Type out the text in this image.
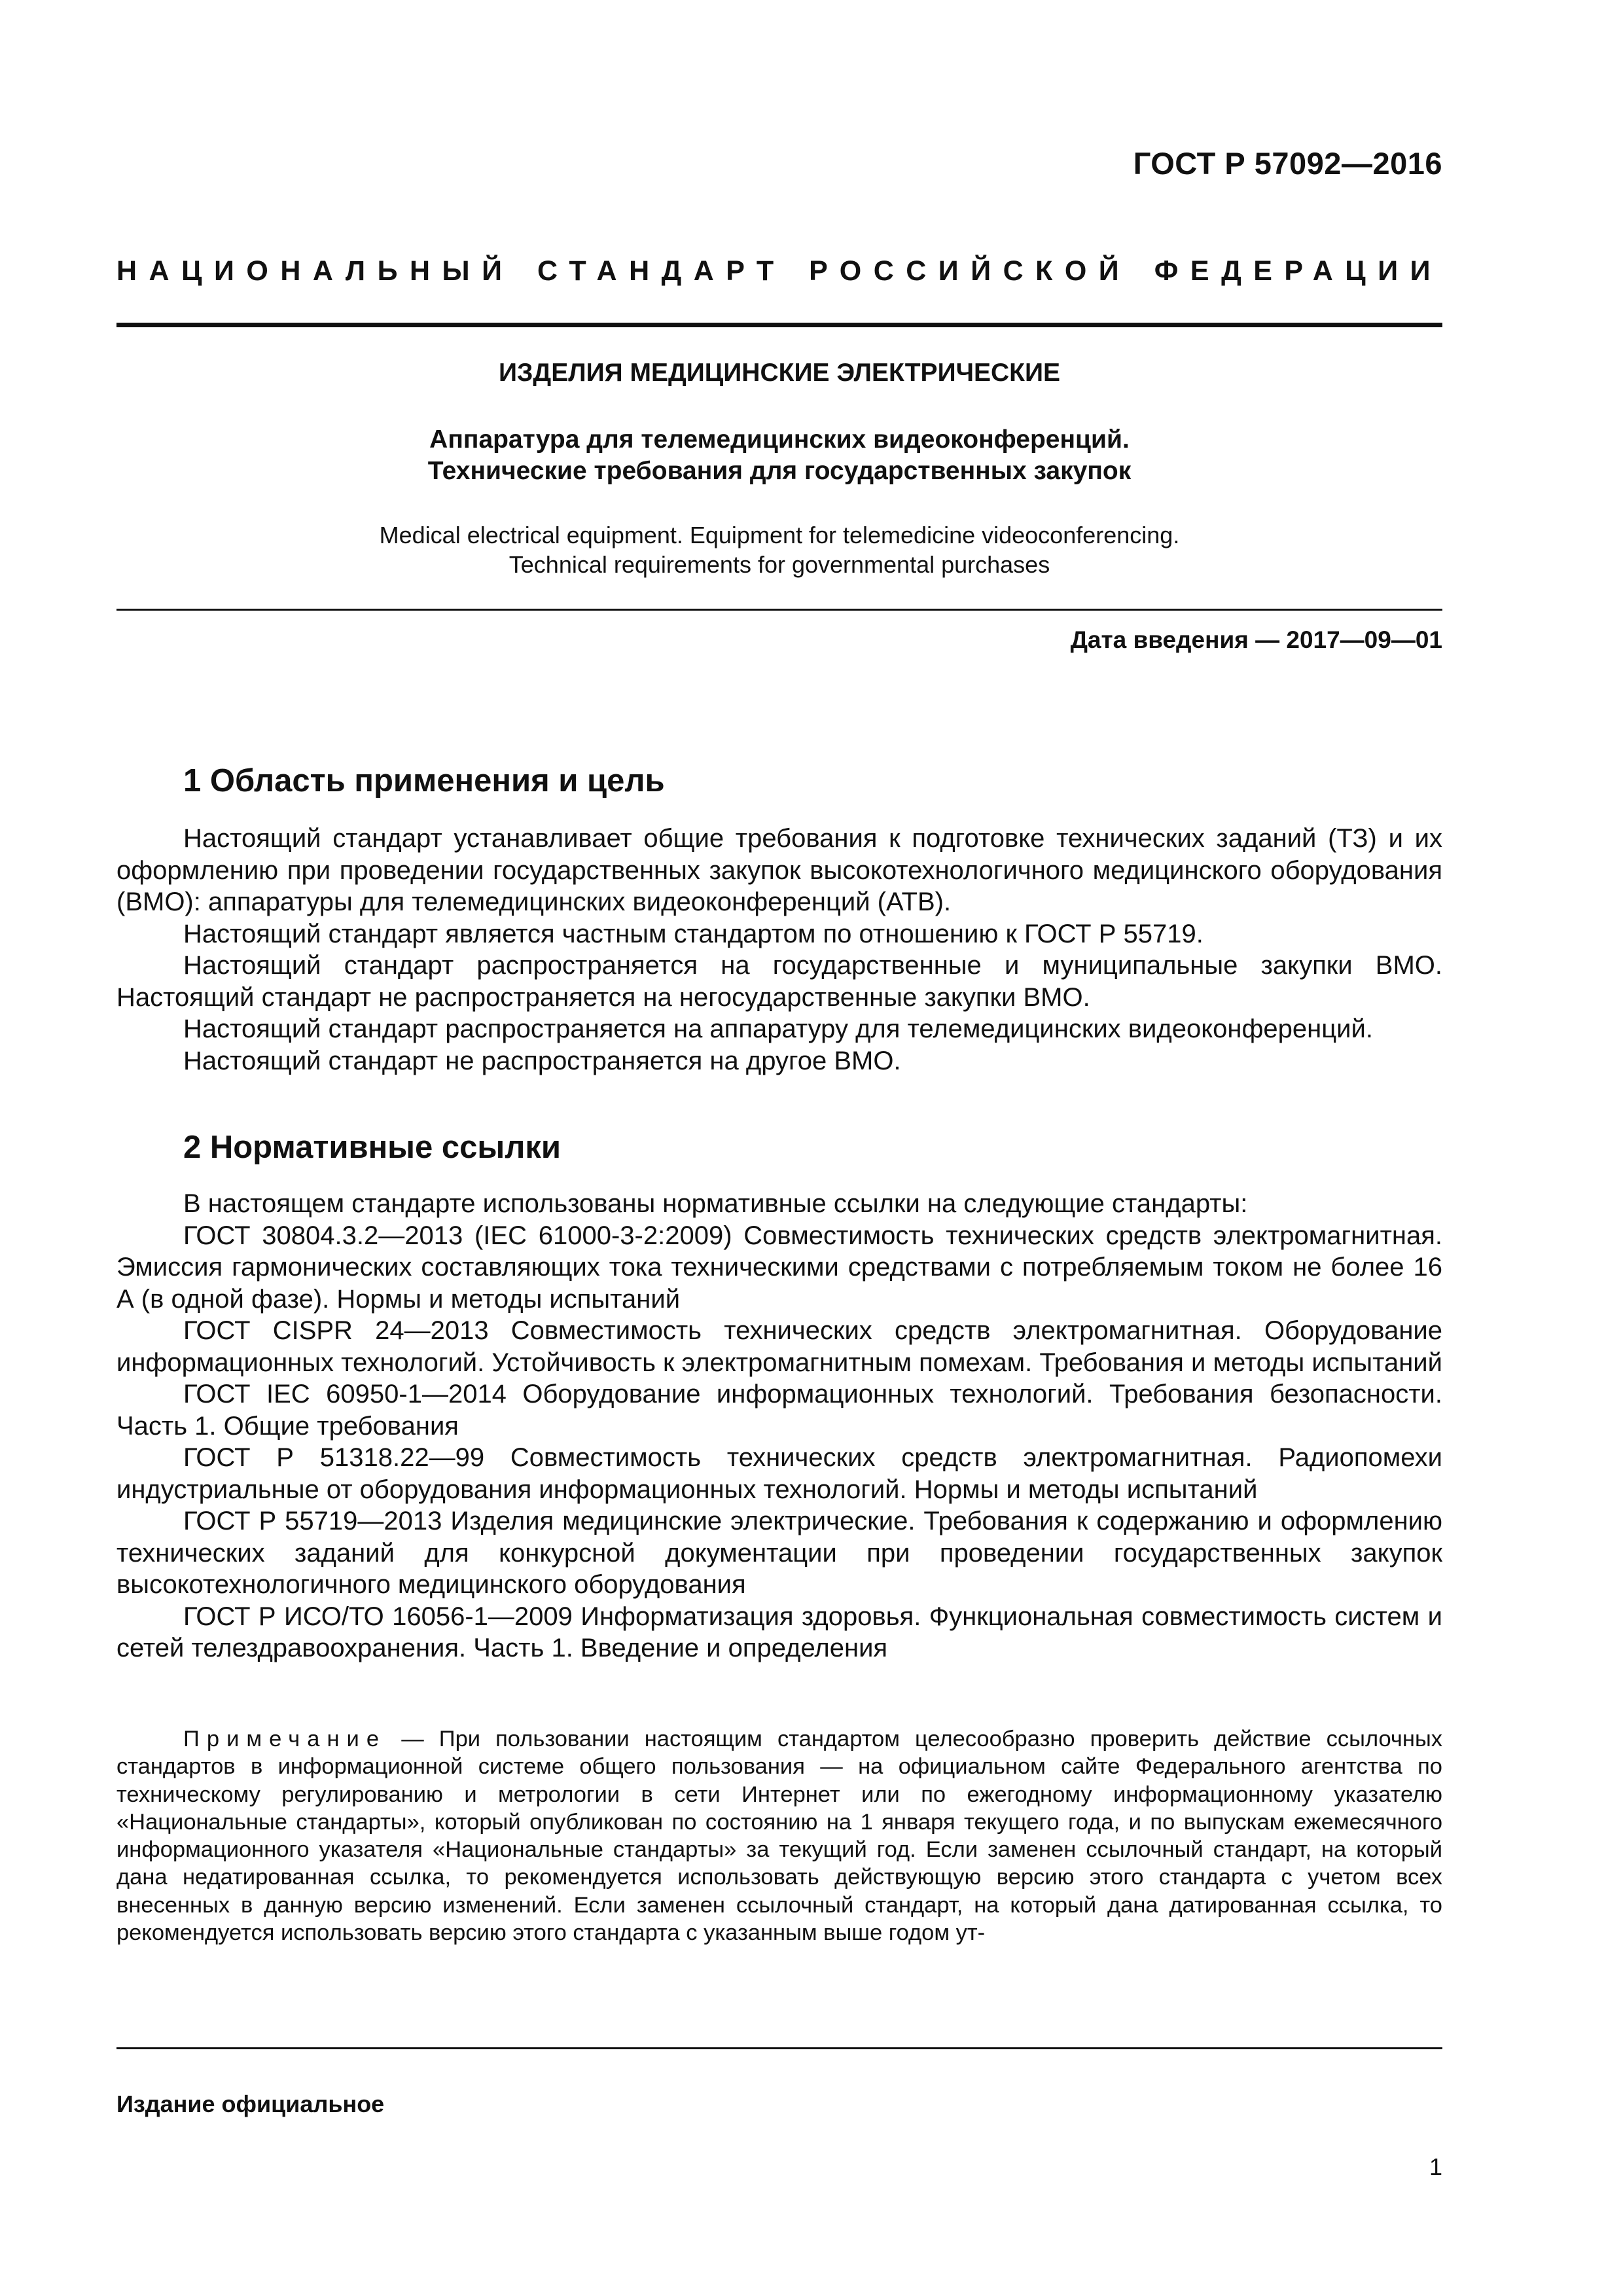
ГОСТ Р 57092—2016
НАЦИОНАЛЬНЫЙ СТАНДАРТ РОССИЙСКОЙ ФЕДЕРАЦИИ
ИЗДЕЛИЯ МЕДИЦИНСКИЕ ЭЛЕКТРИЧЕСКИЕ
Аппаратура для телемедицинских видеоконференций.
Технические требования для государственных закупок
Medical electrical equipment. Equipment for telemedicine videoconferencing.
Technical requirements for governmental purchases
Дата введения — 2017—09—01
1 Область применения и цель

Настоящий стандарт устанавливает общие требования к подготовке технических заданий (ТЗ) и их оформлению при проведении государственных закупок высокотехнологичного медицинского оборудования (ВМО): аппаратуры для телемедицинских видеоконференций (АТВ).

Настоящий стандарт является частным стандартом по отношению к ГОСТ Р 55719.

Настоящий стандарт распространяется на государственные и муниципальные закупки ВМО. Настоящий стандарт не распространяется на негосударственные закупки ВМО.

Настоящий стандарт распространяется на аппаратуру для телемедицинских видеоконференций.

Настоящий стандарт не распространяется на другое ВМО.

2 Нормативные ссылки

В настоящем стандарте использованы нормативные ссылки на следующие стандарты:

ГОСТ 30804.3.2—2013 (IEC 61000-3-2:2009) Совместимость технических средств электромагнитная. Эмиссия гармонических составляющих тока техническими средствами с потребляемым током не более 16 А (в одной фазе). Нормы и методы испытаний

ГОСТ CISPR 24—2013 Совместимость технических средств электромагнитная. Оборудование информационных технологий. Устойчивость к электромагнитным помехам. Требования и методы испытаний

ГОСТ IEC 60950-1—2014 Оборудование информационных технологий. Требования безопасности. Часть 1. Общие требования

ГОСТ Р 51318.22—99 Совместимость технических средств электромагнитная. Радиопомехи индустриальные от оборудования информационных технологий. Нормы и методы испытаний

ГОСТ Р 55719—2013 Изделия медицинские электрические. Требования к содержанию и оформлению технических заданий для конкурсной документации при проведении государственных закупок высокотехнологичного медицинского оборудования

ГОСТ Р ИСО/ТО 16056-1—2009 Информатизация здоровья. Функциональная совместимость систем и сетей телездравоохранения. Часть 1. Введение и определения

Примечание — При пользовании настоящим стандартом целесообразно проверить действие ссылочных стандартов в информационной системе общего пользования — на официальном сайте Федерального агентства по техническому регулированию и метрологии в сети Интернет или по ежегодному информационному указателю «Национальные стандарты», который опубликован по состоянию на 1 января текущего года, и по выпускам ежемесячного информационного указателя «Национальные стандарты» за текущий год. Если заменен ссылочный стандарт, на который дана недатированная ссылка, то рекомендуется использовать действующую версию этого стандарта с учетом всех внесенных в данную версию изменений. Если заменен ссылочный стандарт, на который дана датированная ссылка, то рекомендуется использовать версию этого стандарта с указанным выше годом ут-

Издание официальное
1
